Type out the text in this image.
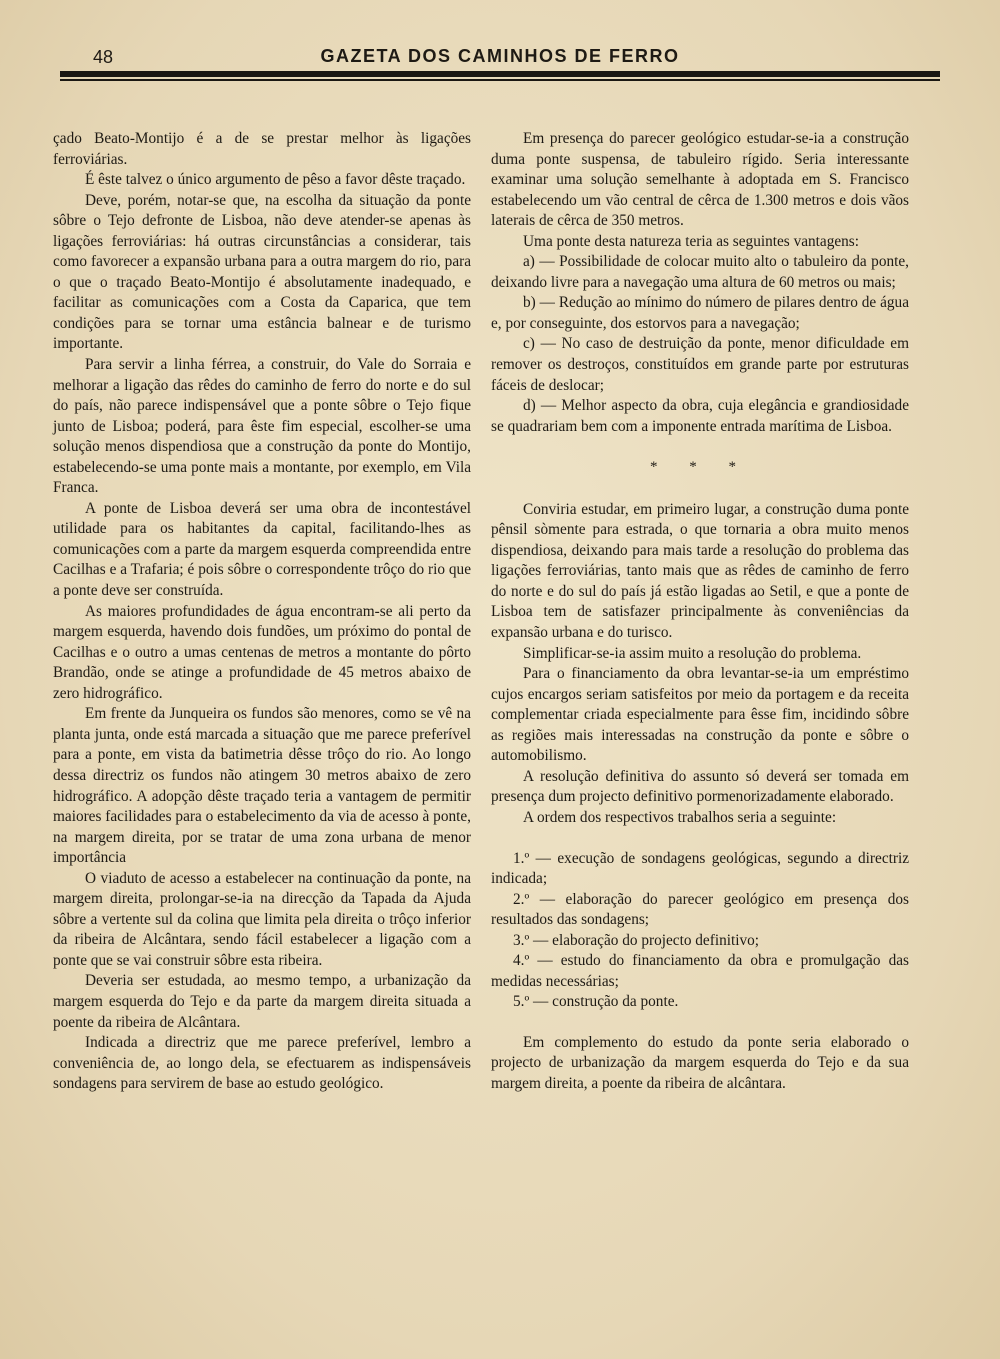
48	GAZETA DOS CAMINHOS DE FERRO

çado Beato-Montijo é a de se prestar melhor às ligações ferroviárias.

É êste talvez o único argumento de pêso a favor dêste traçado.

Deve, porém, notar-se que, na escolha da situação da ponte sôbre o Tejo defronte de Lisboa, não deve atender-se apenas às ligações ferroviárias: há outras circunstâncias a considerar, tais como favorecer a expansão urbana para a outra margem do rio, para o que o traçado Beato-Montijo é absolutamente inadequado, e facilitar as comunicações com a Costa da Caparica, que tem condições para se tornar uma estância balnear e de turismo importante.

Para servir a linha férrea, a construir, do Vale do Sorraia e melhorar a ligação das rêdes do caminho de ferro do norte e do sul do país, não parece indispensável que a ponte sôbre o Tejo fique junto de Lisboa; poderá, para êste fim especial, escolher-se uma solução menos dispendiosa que a construção da ponte do Montijo, estabelecendo-se uma ponte mais a montante, por exemplo, em Vila Franca.

A ponte de Lisboa deverá ser uma obra de incontestável utilidade para os habitantes da capital, facilitando-lhes as comunicações com a parte da margem esquerda compreendida entre Cacilhas e a Trafaria; é pois sôbre o correspondente trôço do rio que a ponte deve ser construída.

As maiores profundidades de água encontram-se ali perto da margem esquerda, havendo dois fundões, um próximo do pontal de Cacilhas e o outro a umas centenas de metros a montante do pôrto Brandão, onde se atinge a profundidade de 45 metros abaixo de zero hidrográfico.

Em frente da Junqueira os fundos são menores, como se vê na planta junta, onde está marcada a situação que me parece preferível para a ponte, em vista da batimetria dêsse trôço do rio. Ao longo dessa directriz os fundos não atingem 30 metros abaixo de zero hidrográfico. A adopção dêste traçado teria a vantagem de permitir maiores facilidades para o estabelecimento da via de acesso à ponte, na margem direita, por se tratar de uma zona urbana de menor importância

O viaduto de acesso a estabelecer na continuação da ponte, na margem direita, prolongar-se-ia na direcção da Tapada da Ajuda sôbre a vertente sul da colina que limita pela direita o trôço inferior da ribeira de Alcântara, sendo fácil estabelecer a ligação com a ponte que se vai construir sôbre esta ribeira.

Deveria ser estudada, ao mesmo tempo, a urbanização da margem esquerda do Tejo e da parte da margem direita situada a poente da ribeira de Alcântara.

Indicada a directriz que me parece preferível, lembro a conveniência de, ao longo dela, se efectuarem as indispensáveis sondagens para servirem de base ao estudo geológico.

Em presença do parecer geológico estudar-se-ia a construção duma ponte suspensa, de tabuleiro rígido. Seria interessante examinar uma solução semelhante à adoptada em S. Francisco estabelecendo um vão central de cêrca de 1.300 metros e dois vãos laterais de cêrca de 350 metros.

Uma ponte desta natureza teria as seguintes vantagens:

a) — Possibilidade de colocar muito alto o tabuleiro da ponte, deixando livre para a navegação uma altura de 60 metros ou mais;

b) — Redução ao mínimo do número de pilares dentro de água e, por conseguinte, dos estorvos para a navegação;

c) — No caso de destruição da ponte, menor dificuldade em remover os destroços, constituídos em grande parte por estruturas fáceis de deslocar;

d) — Melhor aspecto da obra, cuja elegância e grandiosidade se quadrariam bem com a imponente entrada marítima de Lisboa.

* * *

Conviria estudar, em primeiro lugar, a construção duma ponte pênsil sòmente para estrada, o que tornaria a obra muito menos dispendiosa, deixando para mais tarde a resolução do problema das ligações ferroviárias, tanto mais que as rêdes de caminho de ferro do norte e do sul do país já estão ligadas ao Setil, e que a ponte de Lisboa tem de satisfazer principalmente às conveniências da expansão urbana e do turisco.

Simplificar-se-ia assim muito a resolução do problema.

Para o financiamento da obra levantar-se-ia um empréstimo cujos encargos seriam satisfeitos por meio da portagem e da receita complementar criada especialmente para êsse fim, incidindo sôbre as regiões mais interessadas na construção da ponte e sôbre o automobilismo.

A resolução definitiva do assunto só deverá ser tomada em presença dum projecto definitivo pormenorizadamente elaborado.

A ordem dos respectivos trabalhos seria a seguinte:

1.º — execução de sondagens geológicas, segundo a directriz indicada;

2.º — elaboração do parecer geológico em presença dos resultados das sondagens;

3.º — elaboração do projecto definitivo;

4.º — estudo do financiamento da obra e promulgação das medidas necessárias;

5.º — construção da ponte.

Em complemento do estudo da ponte seria elaborado o projecto de urbanização da margem esquerda do Tejo e da sua margem direita, a poente da ribeira de alcântara.
